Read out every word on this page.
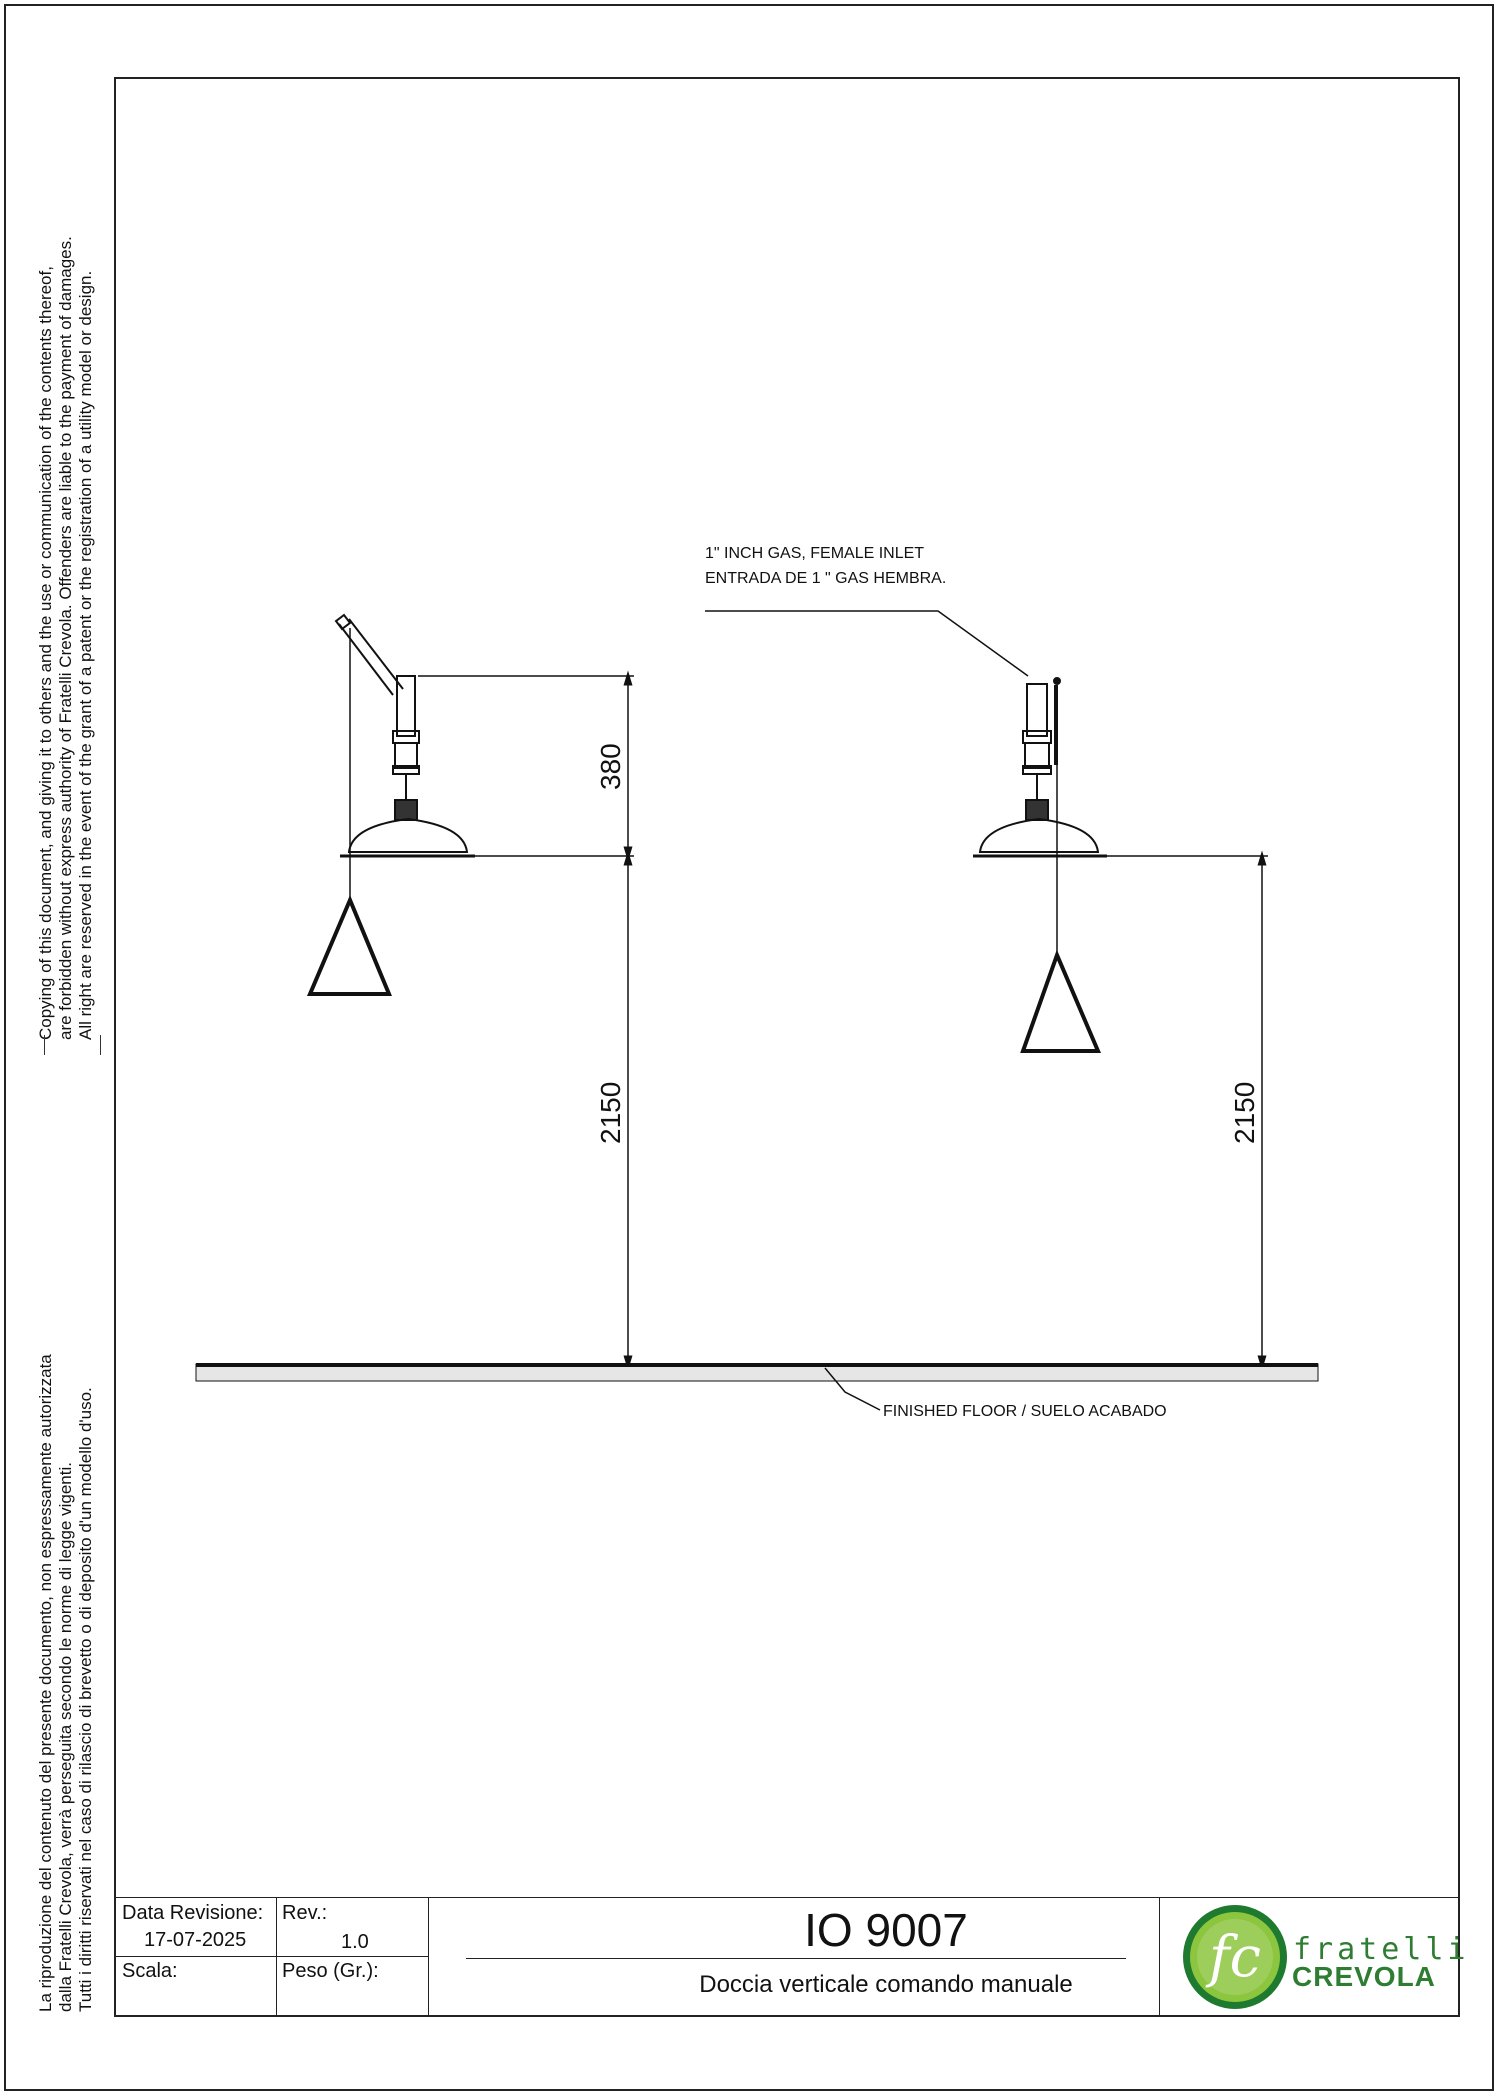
Copying of this document, and giving it to others and the use or communication of the contents thereof, are forbidden without express authority of Fratelli Crevola. Offenders are liable to the payment of damages. All right are reserved in the event of the grant of a patent or the registration of a utility model or design.
La riproduzione del contenuto del presente documento, non espressamente autorizzata dalla Fratelli Crevola, verrà perseguita secondo le norme di legge vigenti. Tutti i diritti riservati nel caso di rilascio di brevetto o di deposito d'un modello d'uso.
1" INCH GAS, FEMALE INLET
ENTRADA DE 1 " GAS HEMBRA.
380
2150	2150
FINISHED FLOOR / SUELO ACABADO
Data Revisione:
17-07-2025
Rev.:
1.0
Scala:	Peso (Gr.):
IO 9007
Doccia verticale comando manuale	fc fratelli
CREVOLA
